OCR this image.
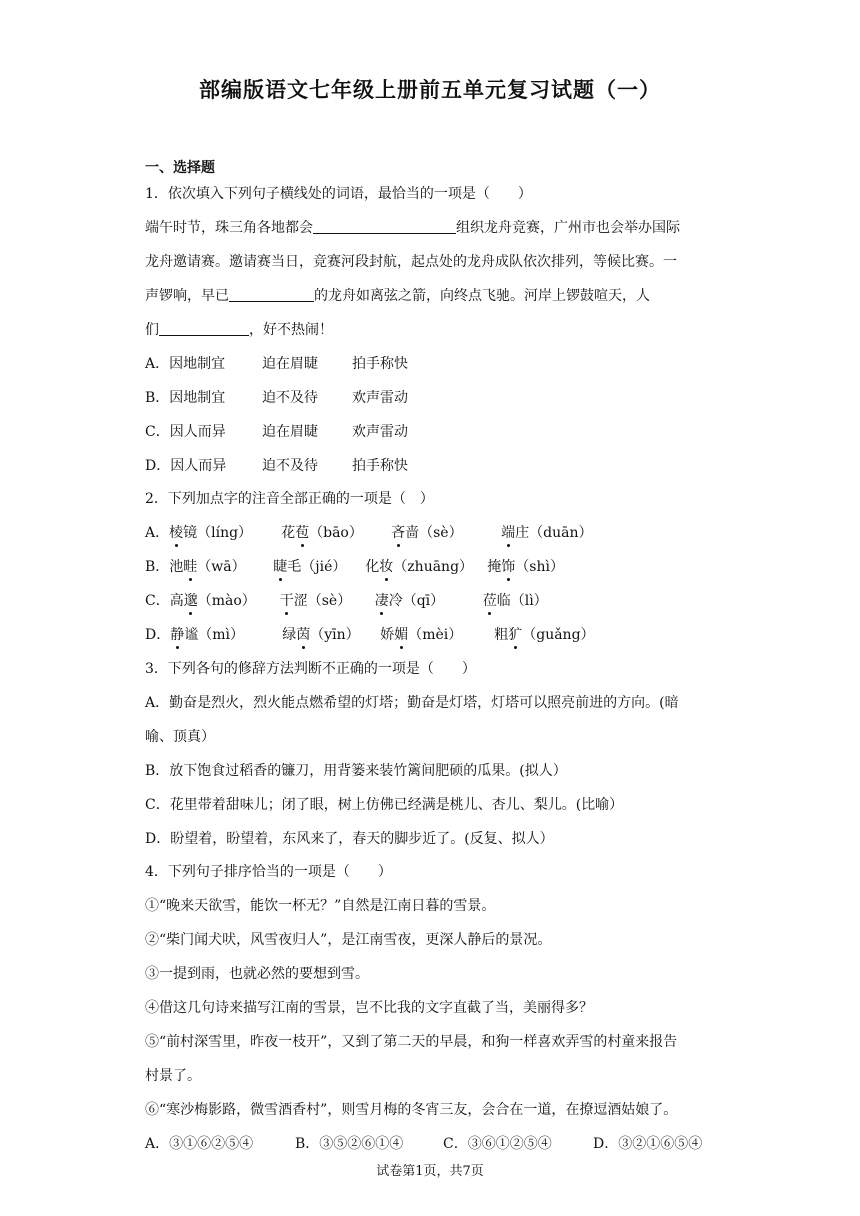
部编版语文七年级上册前五单元复习试题（一）
一、选择题
1．依次填入下列句子横线处的词语，最恰当的一项是（　　）
端午时节，珠三角各地都会	组织龙舟竞赛，广州市也会举办国际
龙舟邀请赛。邀请赛当日，竞赛河段封航，起点处的龙舟成队依次排列，等候比赛。一
声锣响，早已	的龙舟如离弦之箭，向终点飞驰。河岸上锣鼓喧天，人
们	，好不热闹！
A．因地制宜	迫在眉睫 拍手称快
B．因地制宜	迫不及待 欢声雷动
C．因人而异	迫在眉睫 欢声雷动
D．因人而异	迫不及待 拍手称快
2．下列加点字的注音全部正确的一项是（　）
A．棱镜（líng） 花苞（bāo） 吝啬（sè）	端庄（duān）
B．池畦（wā） 睫毛（jié） 化妆（zhuāng） 掩饰（shì）
C．高邈（mào） 干涩（sè） 凄冷（qī）	莅临（lì）
D．静谧（mì）	绿茵（yīn） 娇媚（mèi） 粗犷（guǎng）
3．下列各句的修辞方法判断不正确的一项是（　　）
A．勤奋是烈火，烈火能点燃希望的灯塔；勤奋是灯塔，灯塔可以照亮前进的方向。(暗
喻、顶真）
B．放下饱食过稻香的镰刀，用背篓来装竹篱间肥硕的瓜果。(拟人）
C．花里带着甜味儿；闭了眼，树上仿佛已经满是桃儿、杏儿、梨儿。(比喻）
D．盼望着，盼望着，东风来了，春天的脚步近了。(反复、拟人）
4．下列句子排序恰当的一项是（　　）
①“晚来天欲雪，能饮一杯无？”自然是江南日暮的雪景。
②“柴门闻犬吠，风雪夜归人”，是江南雪夜，更深人静后的景况。
③一提到雨，也就必然的要想到雪。
④借这几句诗来描写江南的雪景，岂不比我的文字直截了当，美丽得多？
⑤“前村深雪里，昨夜一枝开”，又到了第二天的早晨，和狗一样喜欢弄雪的村童来报告
村景了。
⑥“寒沙梅影路，微雪酒香村”，则雪月梅的冬宵三友，会合在一道，在撩逗酒姑娘了。
A．③①⑥②⑤④	B．③⑤②⑥①④	C．③⑥①②⑤④	D．③②①⑥⑤④
试卷第1页，共7页
